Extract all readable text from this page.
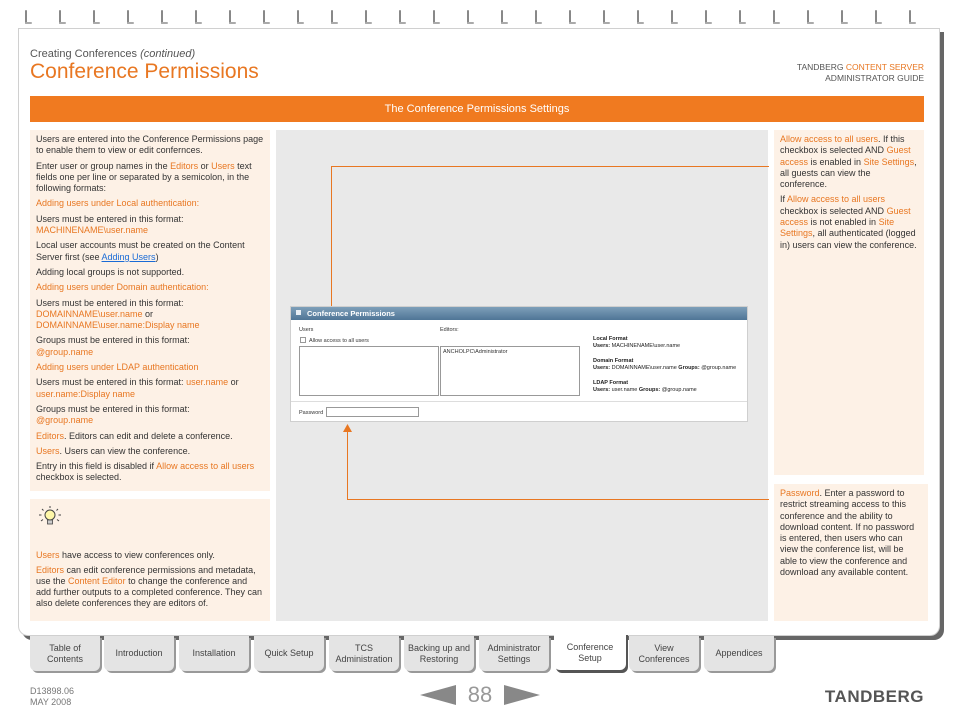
Creating Conferences (continued)
Conference Permissions	TANDBERG CONTENT SERVER
ADMINISTRATOR GUIDE
The Conference Permissions Settings

Users are entered into the Conference Permissions page to enable them to view or edit confernces.

Enter user or group names in the Editors or Users text fields one per line or separated by a semicolon, in the following formats:

Adding users under Local authentication:

Users must be entered in this format:
MACHINENAME\user.name

Local user accounts must be created on the Content Server first (see Adding Users)

Adding local groups is not supported.

Adding users under Domain authentication:

Users must be entered in this format:
DOMAINNAME\user.name or
DOMAINNAME\user.name:Display name

Groups must be entered in this format:
@group.name

Adding users under LDAP authentication

Users must be entered in this format: user.name or
user.name:Display name

Groups must be entered in this format:
@group.name

Editors. Editors can edit and delete a conference.

Users. Users can view the conference.

Entry in this field is disabled if Allow access to all users checkbox is selected.

Users have access to view conferences only.

Editors can edit conference permissions and metadata, use the Content Editor to change the conference and add further outputs to a completed conference. They can also delete conferences they are editors of.

Conference Permissions
Users	Editors:
Allow access to all users
ANCHOLPC\Administrator
Local Format
Users: MACHINENAME\user.name
Domain Format
Users: DOMAINNAME\user.name Groups: @group.name
LDAP Format
Users: user.name Groups: @group.name
Password

Allow access to all users. If this checkbox is selected AND Guest access is enabled in Site Settings, all guests can view the conference.

If Allow access to all users checkbox is selected AND Guest access is not enabled in Site Settings, all authenticated (logged in) users can view the conference.

Password. Enter a password to restrict streaming access to this conference and the ability to download content. If no password is entered, then users who can view the conference list, will be able to view the conference and download any available content.

Table of Contents
Introduction	Installation	Quick Setup
TCS Administration
Backing up and Restoring
Administrator Settings
Conference Setup
View Conferences
Appendices
D13898.06
MAY 2008	88	TANDBERG
